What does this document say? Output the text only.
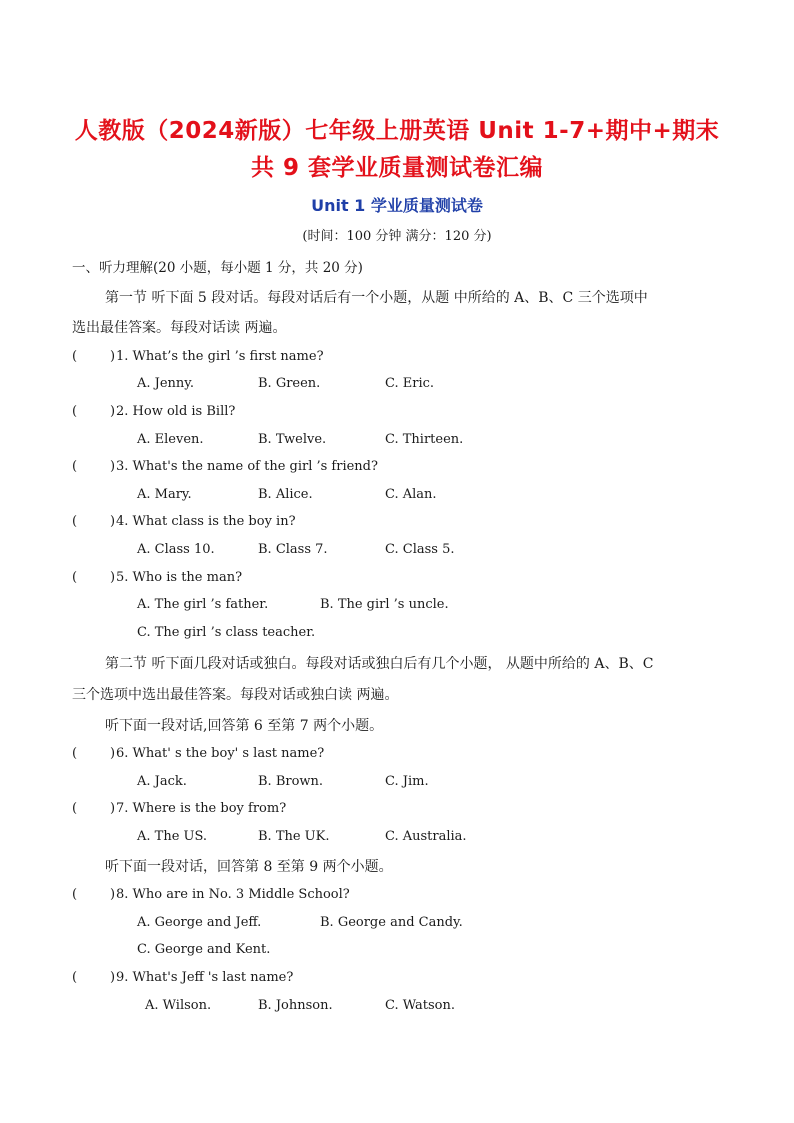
人教版（2024新版）七年级上册英语 Unit 1-7+期中+期末
共 9 套学业质量测试卷汇编
Unit 1 学业质量测试卷
(时间：100 分钟 满分：120 分)
一、听力理解(20 小题，每小题 1 分，共 20 分)
第一节 听下面 5 段对话。每段对话后有一个小题，从题 中所给的 A、B、C 三个选项中
选出最佳答案。每段对话读 两遍。
(	) 1. What’s the girl ’s first name?
A. Jenny.	B. Green.	C. Eric.
(	) 2. How old is Bill?
A. Eleven.	B. Twelve.	C. Thirteen.
(	) 3. What's the name of the girl ’s friend?
A. Mary.	B. Alice.	C. Alan.
(	) 4. What class is the boy in?
A. Class 10.	B. Class 7.	C. Class 5.
(	) 5. Who is the man?
A. The girl ’s father.	B. The girl ’s uncle.
C. The girl ’s class teacher.
第二节 听下面几段对话或独白。每段对话或独白后有几个小题， 从题中所给的 A、B、C
三个选项中选出最佳答案。每段对话或独白读 两遍。
听下面一段对话,回答第 6 至第 7 两个小题。
(	) 6. What' s the boy' s last name?
A. Jack.	B. Brown.	C. Jim.
(	) 7. Where is the boy from?
A. The US.	B. The UK.	C. Australia.
听下面一段对话，回答第 8 至第 9 两个小题。
(	) 8. Who are in No. 3 Middle School?
A. George and Jeff.	B. George and Candy.
C. George and Kent.
(	) 9. What's Jeff 's last name?
A. Wilson.	B. Johnson.	C. Watson.
